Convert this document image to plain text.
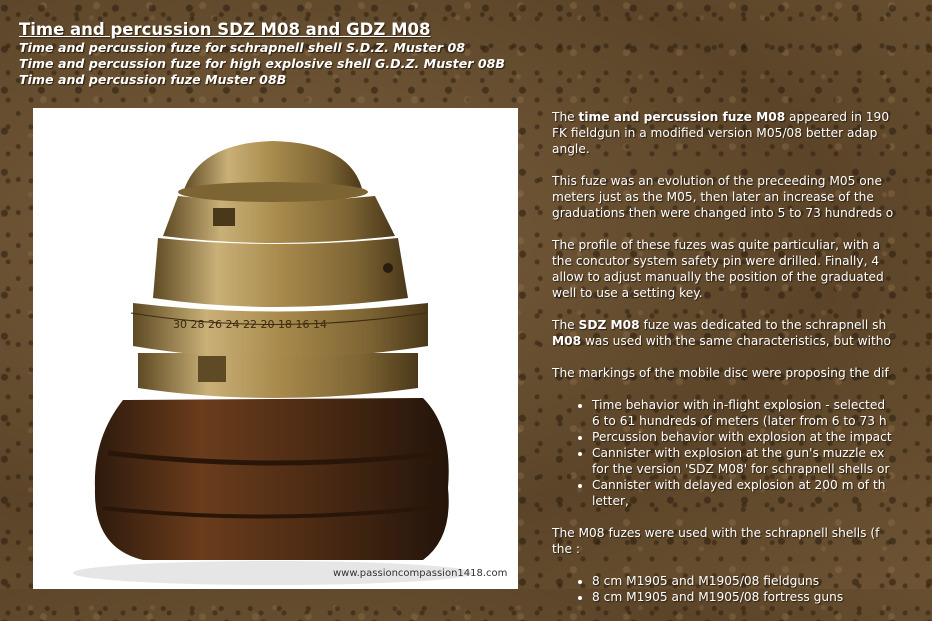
Time and percussion SDZ M08 and GDZ M08
Time and percussion fuze for schrapnell shell S.D.Z. Muster 08
Time and percussion fuze for high explosive shell G.D.Z. Muster 08B
Time and percussion fuze Muster 08B
30 28 26 24 22 20 18 16 14
www.passioncompassion1418.com

The time and percussion fuze M08 appeared in 190
FK fieldgun in a modified version M05/08 better adap
angle.

This fuze was an evolution of the preceeding M05 one
meters just as the M05, then later an increase of the
graduations then were changed into 5 to 73 hundreds o

The profile of these fuzes was quite particuliar, with a
the concutor system safety pin were drilled. Finally, 4
allow to adjust manually the position of the graduated
well to use a setting key.

The SDZ M08 fuze was dedicated to the schrapnell sh
M08 was used with the same characteristics, but witho

The markings of the mobile disc were proposing the dif

• Time behavior with in-flight explosion - selected
6 to 61 hundreds of meters (later from 6 to 73 h
• Percussion behavior with explosion at the impact
• Cannister with explosion at the gun's muzzle ex
for the version 'SDZ M08' for schrapnell shells or
• Cannister with delayed explosion at 200 m of th
letter,

The M08 fuzes were used with the schrapnell shells (f
the :

• 8 cm M1905 and M1905/08 fieldguns
• 8 cm M1905 and M1905/08 fortress guns
